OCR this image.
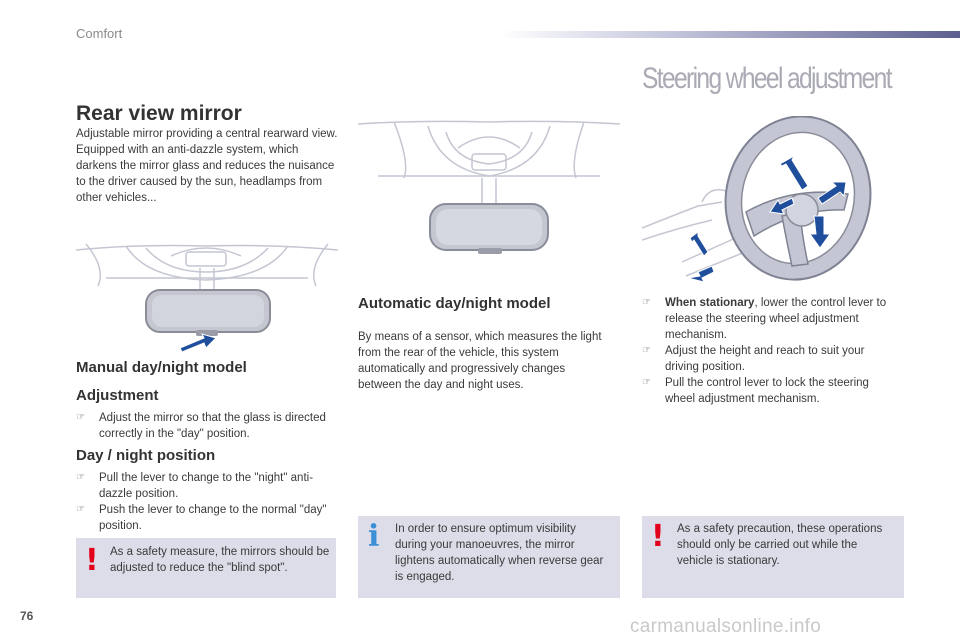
Comfort
Steering wheel adjustment
Rear view mirror
Adjustable mirror providing a central rearward view.
Equipped with an anti-dazzle system, which darkens the mirror glass and reduces the nuisance to the driver caused by the sun, headlamps from other vehicles...
Manual day/night model
Adjustment
☞ Adjust the mirror so that the glass is directed correctly in the "day" position.
Day / night position
☞ Pull the lever to change to the "night" anti-dazzle position.
☞ Push the lever to change to the normal "day" position.
! As a safety measure, the mirrors should be adjusted to reduce the "blind spot".
Automatic day/night model
By means of a sensor, which measures the light from the rear of the vehicle, this system automatically and progressively changes between the day and night uses.
i In order to ensure optimum visibility during your manoeuvres, the mirror lightens automatically when reverse gear is engaged.
☞ When stationary, lower the control lever to release the steering wheel adjustment mechanism.
☞ Adjust the height and reach to suit your driving position.
☞ Pull the control lever to lock the steering wheel adjustment mechanism.
! As a safety precaution, these operations should only be carried out while the vehicle is stationary.
76	carmanualsonline.info
